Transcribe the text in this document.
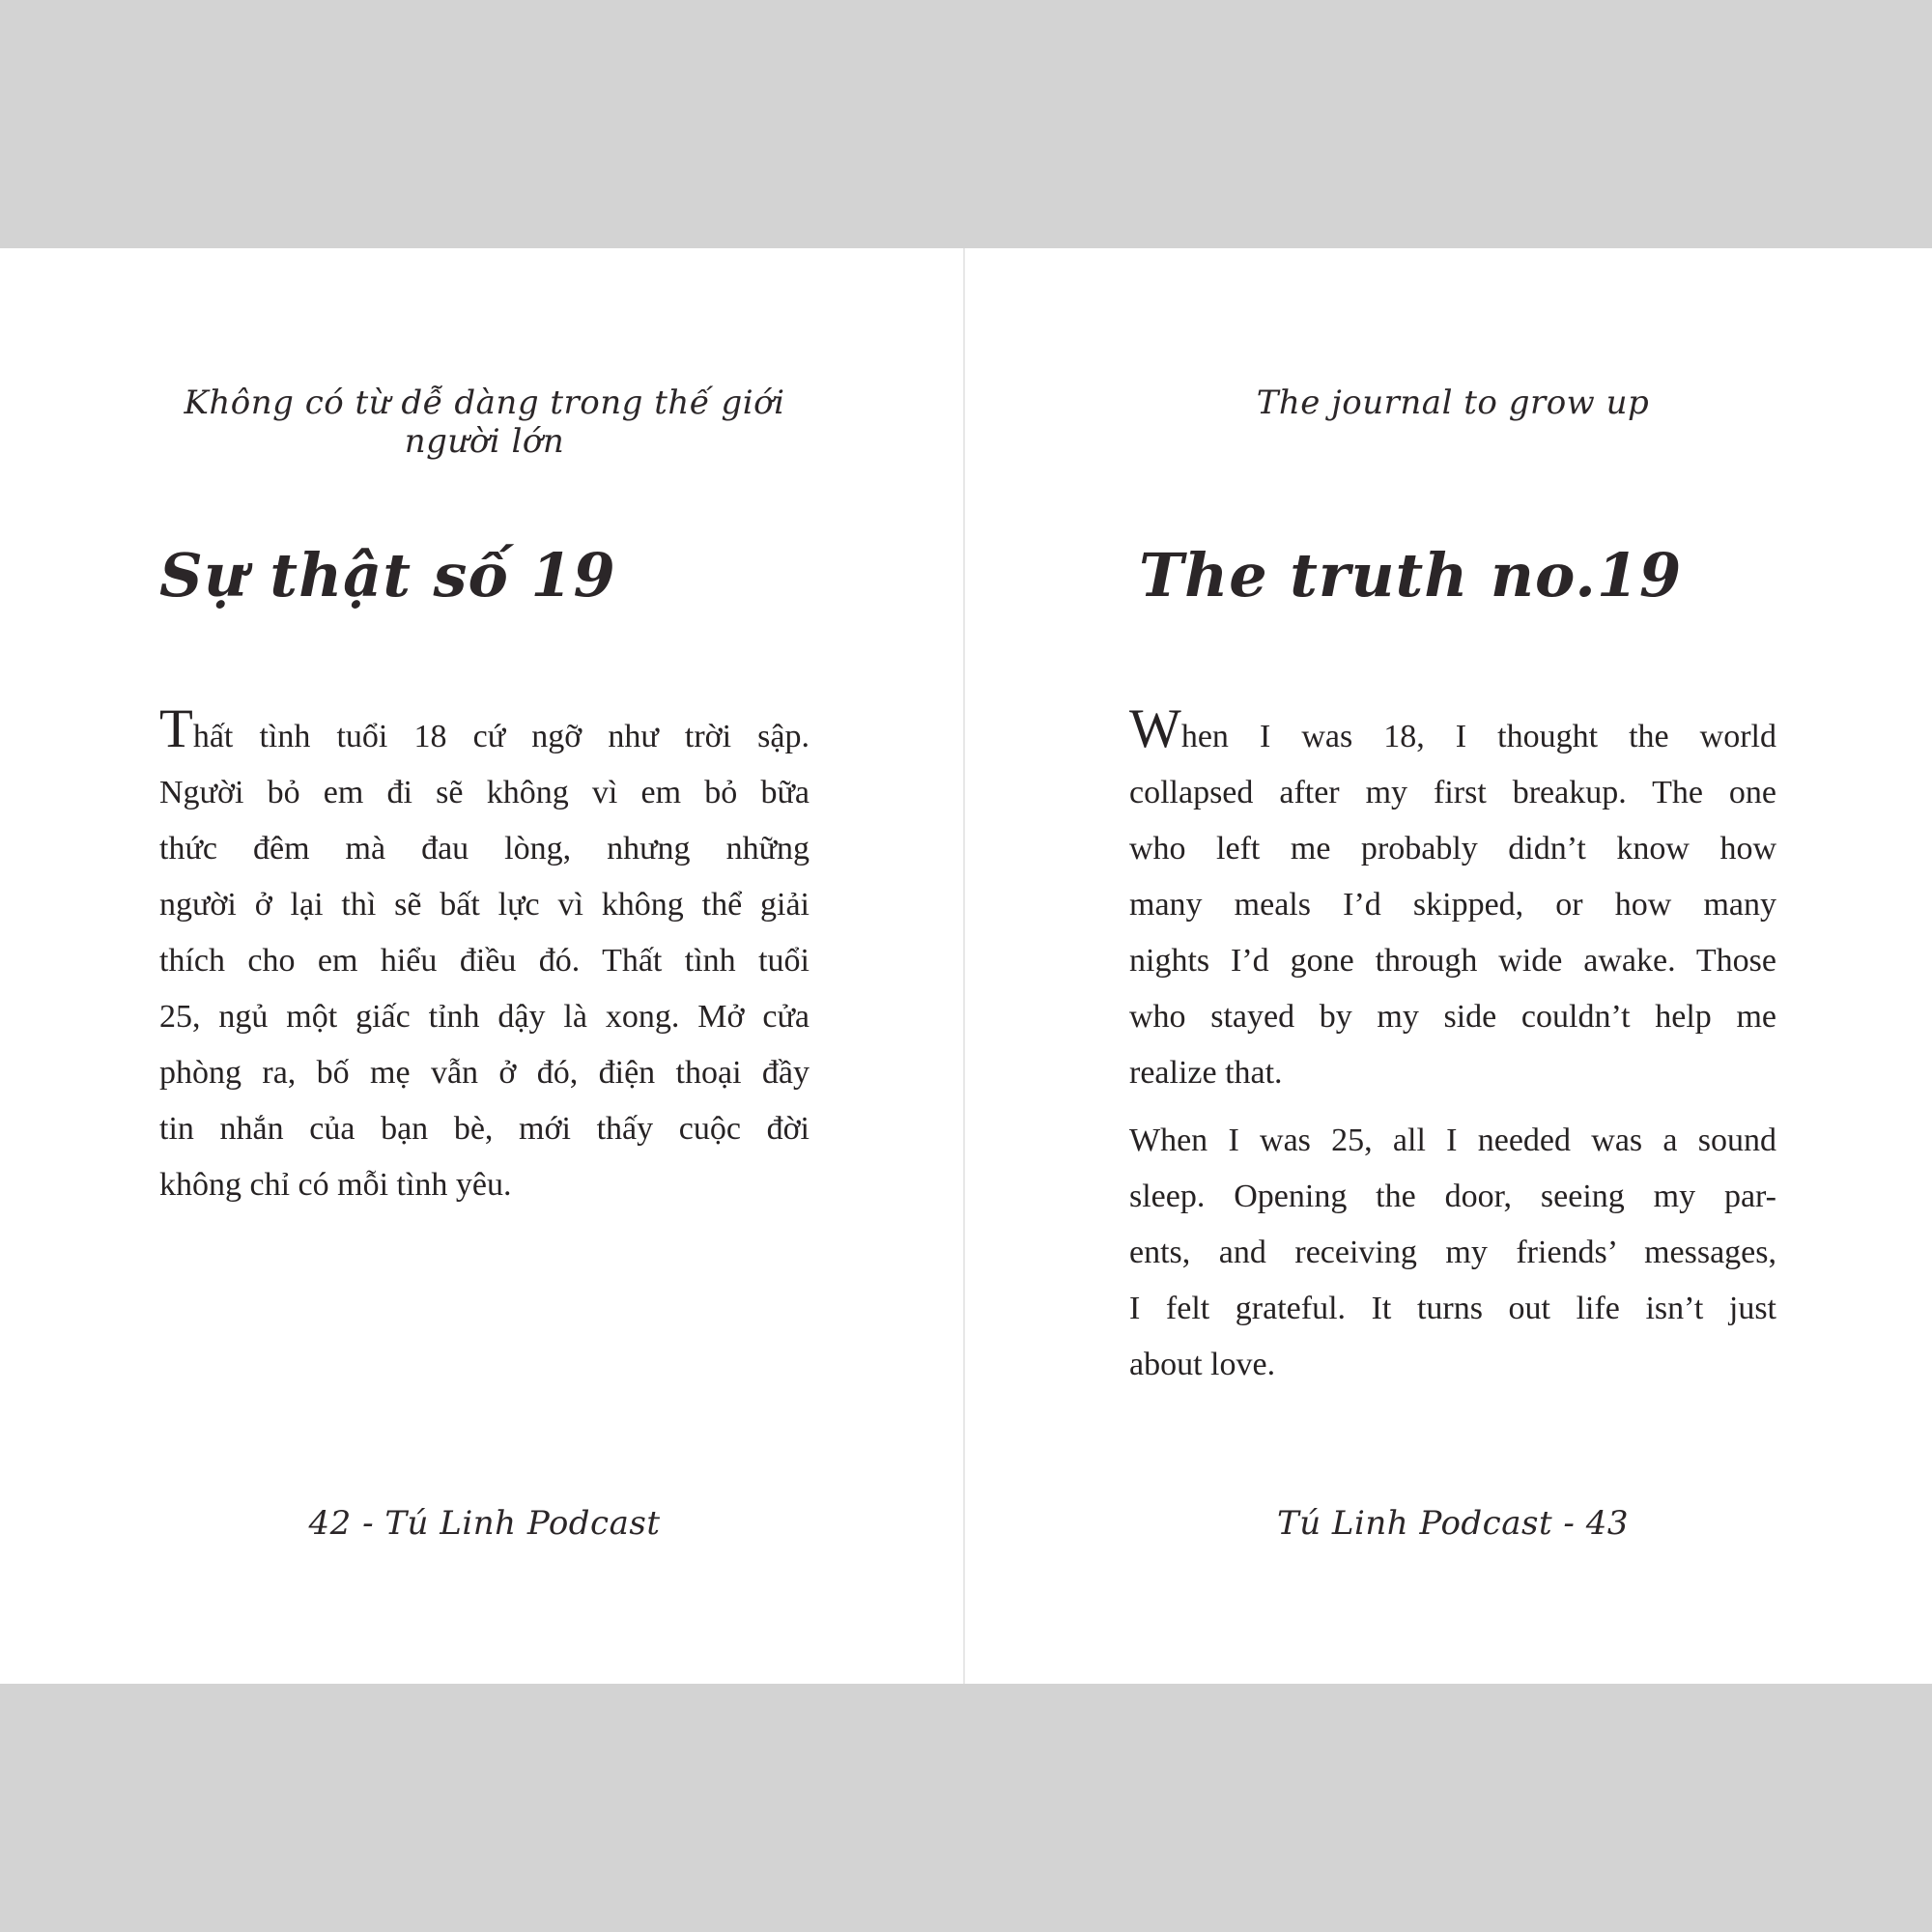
Không có từ dễ dàng trong thế giới người lớn
Sự thật số 19
Thất tình tuổi 18 cứ ngỡ như trời sập.
Người bỏ em đi sẽ không vì em bỏ bữa
thức đêm mà đau lòng, nhưng những
người ở lại thì sẽ bất lực vì không thể giải
thích cho em hiểu điều đó. Thất tình tuổi
25, ngủ một giấc tỉnh dậy là xong. Mở cửa
phòng ra, bố mẹ vẫn ở đó, điện thoại đầy
tin nhắn của bạn bè, mới thấy cuộc đời
không chỉ có mỗi tình yêu.
42 - Tú Linh Podcast
The journal to grow up
The truth no.19
When I was 18, I thought the world
collapsed after my first breakup. The one
who left me probably didn’t know how
many meals I’d skipped, or how many
nights I’d gone through wide awake. Those
who stayed by my side couldn’t help me
realize that.
When I was 25, all I needed was a sound
sleep. Opening the door, seeing my par-
ents, and receiving my friends’ messages,
I felt grateful. It turns out life isn’t just
about love.
Tú Linh Podcast - 43
